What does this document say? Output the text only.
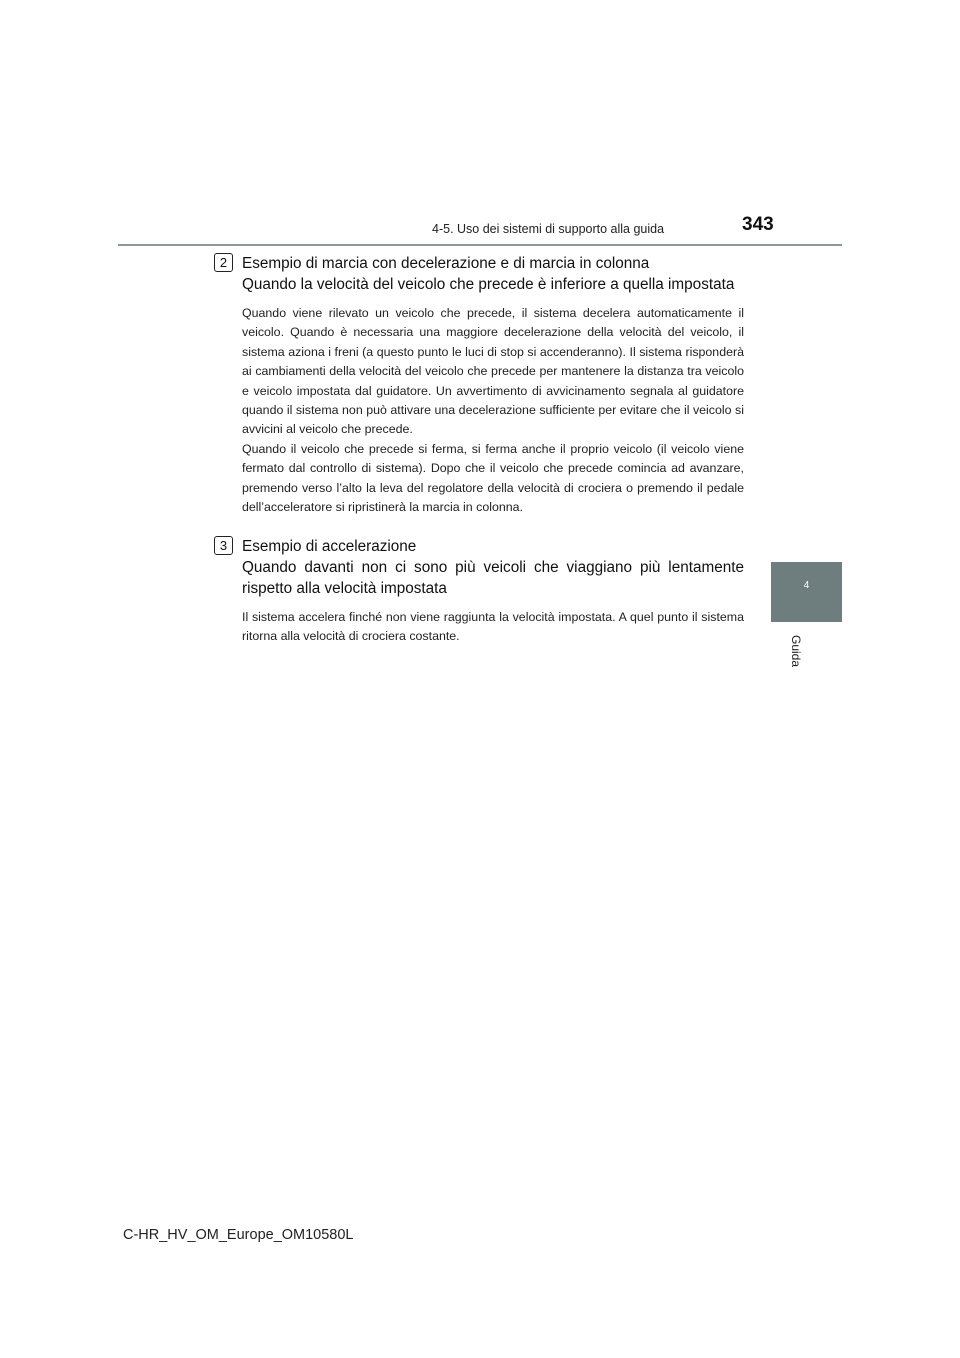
4-5. Uso dei sistemi di supporto alla guida	343
4
Guida
2 Esempio di marcia con decelerazione e di marcia in colonna

Quando la velocità del veicolo che precede è inferiore a quella impostata

Quando viene rilevato un veicolo che precede, il sistema decelera automaticamente il veicolo. Quando è necessaria una maggiore decelerazione della velocità del veicolo, il sistema aziona i freni (a questo punto le luci di stop si accenderanno). Il sistema risponderà ai cambiamenti della velocità del veicolo che precede per mantenere la distanza tra veicolo e veicolo impostata dal guidatore. Un avvertimento di avvicinamento segnala al guidatore quando il sistema non può attivare una decelerazione sufficiente per evitare che il veicolo si avvicini al veicolo che precede.

Quando il veicolo che precede si ferma, si ferma anche il proprio veicolo (il veicolo viene fermato dal controllo di sistema). Dopo che il veicolo che precede comincia ad avanzare, premendo verso l’alto la leva del regolatore della velocità di crociera o premendo il pedale dell’acceleratore si ripristinerà la marcia in colonna.

3 Esempio di accelerazione

Quando davanti non ci sono più veicoli che viaggiano più lentamente rispetto alla velocità impostata

Il sistema accelera finché non viene raggiunta la velocità impostata. A quel punto il sistema ritorna alla velocità di crociera costante.

C-HR_HV_OM_Europe_OM10580L
